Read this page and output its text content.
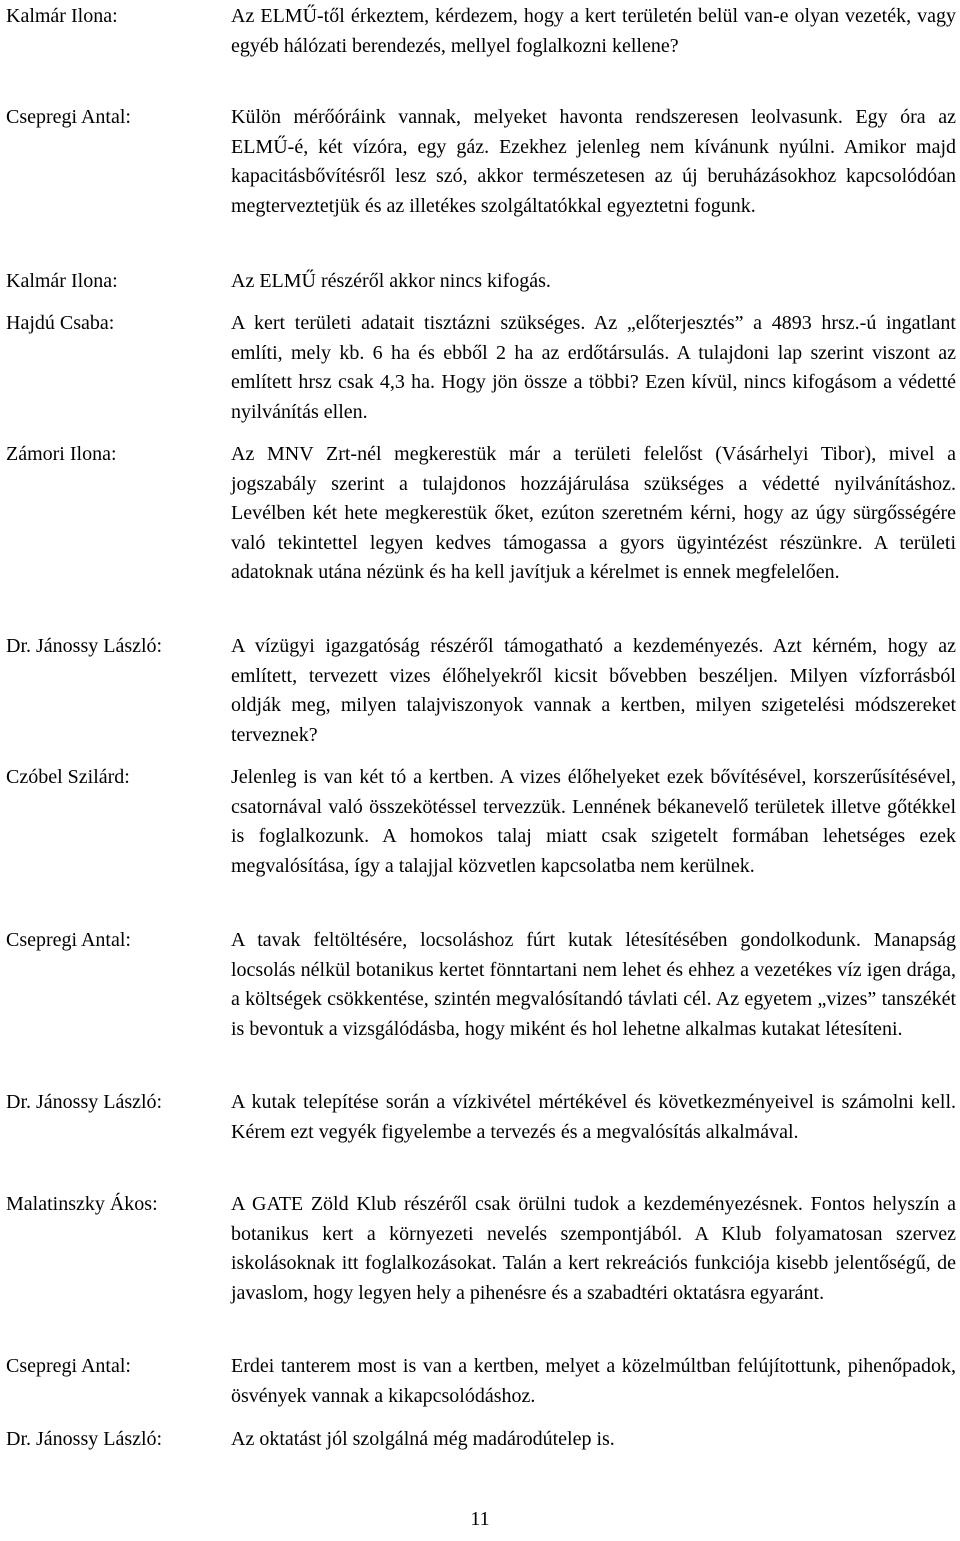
Kalmár Ilona:	Az ELMŰ-től érkeztem, kérdezem, hogy a kert területén belül van-e olyan vezeték, vagy egyéb hálózati berendezés, mellyel foglalkozni kellene?

Csepregi Antal:	Külön mérőóráink vannak, melyeket havonta rendszeresen leolvasunk. Egy óra az ELMŰ-é, két vízóra, egy gáz. Ezekhez jelenleg nem kívánunk nyúlni. Amikor majd kapacitásbővítésről lesz szó, akkor természetesen az új beruházásokhoz kapcsolódóan megterveztetjük és az illetékes szolgáltatókkal egyeztetni fogunk.

Kalmár Ilona:	Az ELMŰ részéről akkor nincs kifogás.

Hajdú Csaba:	A kert területi adatait tisztázni szükséges. Az „előterjesztés” a 4893 hrsz.-ú ingatlant említi, mely kb. 6 ha és ebből 2 ha az erdőtársulás. A tulajdoni lap szerint viszont az említett hrsz csak 4,3 ha. Hogy jön össze a többi? Ezen kívül, nincs kifogásom a védetté nyilvánítás ellen.

Zámori Ilona:	Az MNV Zrt-nél megkerestük már a területi felelőst (Vásárhelyi Tibor), mivel a jogszabály szerint a tulajdonos hozzájárulása szükséges a védetté nyilvánításhoz. Levélben két hete megkerestük őket, ezúton szeretném kérni, hogy az úgy sürgősségére való tekintettel legyen kedves támogassa a gyors ügyintézést részünkre. A területi adatoknak utána nézünk és ha kell javítjuk a kérelmet is ennek megfelelően.

Dr. Jánossy László:	A vízügyi igazgatóság részéről támogatható a kezdeményezés. Azt kérném, hogy az említett, tervezett vizes élőhelyekről kicsit bővebben beszéljen. Milyen vízforrásból oldják meg, milyen talajviszonyok vannak a kertben, milyen szigetelési módszereket terveznek?

Czóbel Szilárd:	Jelenleg is van két tó a kertben. A vizes élőhelyeket ezek bővítésével, korszerűsítésével, csatornával való összekötéssel tervezzük. Lennének békanevelő területek illetve gőtékkel is foglalkozunk. A homokos talaj miatt csak szigetelt formában lehetséges ezek megvalósítása, így a talajjal közvetlen kapcsolatba nem kerülnek.

Csepregi Antal:	A tavak feltöltésére, locsoláshoz fúrt kutak létesítésében gondolkodunk. Manapság locsolás nélkül botanikus kertet fönntartani nem lehet és ehhez a vezetékes víz igen drága, a költségek csökkentése, szintén megvalósítandó távlati cél. Az egyetem „vizes” tanszékét is bevontuk a vizsgálódásba, hogy miként és hol lehetne alkalmas kutakat létesíteni.

Dr. Jánossy László:	A kutak telepítése során a vízkivétel mértékével és következményeivel is számolni kell. Kérem ezt vegyék figyelembe a tervezés és a megvalósítás alkalmával.

Malatinszky Ákos:	A GATE Zöld Klub részéről csak örülni tudok a kezdeményezésnek. Fontos helyszín a botanikus kert a környezeti nevelés szempontjából. A Klub folyamatosan szervez iskolásoknak itt foglalkozásokat. Talán a kert rekreációs funkciója kisebb jelentőségű, de javaslom, hogy legyen hely a pihenésre és a szabadtéri oktatásra egyaránt.

Csepregi Antal:	Erdei tanterem most is van a kertben, melyet a közelmúltban felújítottunk, pihenőpadok, ösvények vannak a kikapcsolódáshoz.

Dr. Jánossy László:	Az oktatást jól szolgálná még madárodútelep is.

11
